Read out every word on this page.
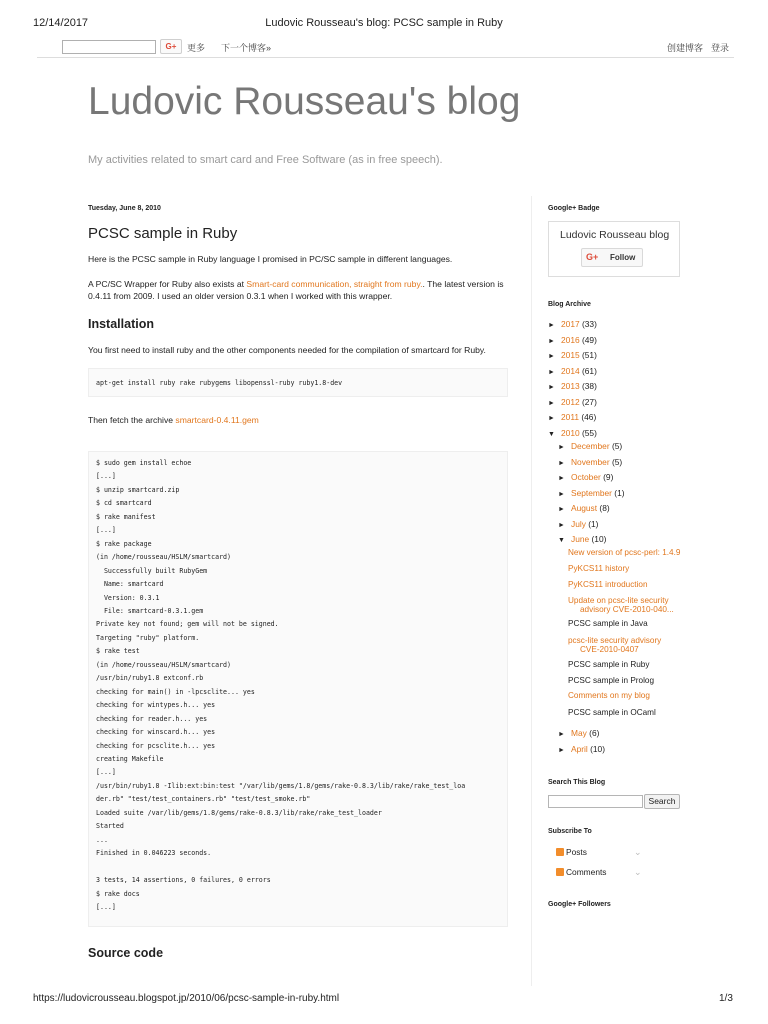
12/14/2017	Ludovic Rousseau's blog: PCSC sample in Ruby
https://ludovicrousseau.blogspot.jp/2010/06/pcsc-sample-in-ruby.html	1/3
G+	更多 下一个博客»	创建博客 登录
Ludovic Rousseau's blog
My activities related to smart card and Free Software (as in free speech).
Tuesday, June 8, 2010
PCSC sample in Ruby
Here is the PCSC sample in Ruby language I promised in PC/SC sample in different languages.
A PC/SC Wrapper for Ruby also exists at Smart-card communication, straight from ruby.. The latest version is 0.4.11 from 2009. I used an older version 0.3.1 when I worked with this wrapper.
Installation
You first need to install ruby and the other components needed for the compilation of smartcard for Ruby.
apt-get install ruby rake rubygems libopenssl-ruby ruby1.8-dev
Then fetch the archive smartcard-0.4.11.gem
$ sudo gem install echoe
[...]
$ unzip smartcard.zip
$ cd smartcard
$ rake manifest
[...]
$ rake package
(in /home/rousseau/HSLM/smartcard)
Successfully built RubyGem
Name: smartcard
Version: 0.3.1
File: smartcard-0.3.1.gem
Private key not found; gem will not be signed.
Targeting "ruby" platform.
$ rake test
(in /home/rousseau/HSLM/smartcard)
/usr/bin/ruby1.8 extconf.rb
checking for main() in -lpcsclite... yes
checking for wintypes.h... yes
checking for reader.h... yes
checking for winscard.h... yes
checking for pcsclite.h... yes
creating Makefile
[...]
/usr/bin/ruby1.8 -Ilib:ext:bin:test "/var/lib/gems/1.8/gems/rake-0.8.3/lib/rake/rake_test_loa
der.rb" "test/test_containers.rb" "test/test_smoke.rb"
Loaded suite /var/lib/gems/1.8/gems/rake-0.8.3/lib/rake/rake_test_loader
Started
...
Finished in 0.046223 seconds.

3 tests, 14 assertions, 0 failures, 0 errors
$ rake docs
[...]
Source code
Google+ Badge
Ludovic Rousseau blog
G+ Follow
Blog Archive
► 2017 (33)
► 2016 (49)
► 2015 (51)
► 2014 (61)
► 2013 (38)
► 2012 (27)
► 2011 (46)
▼ 2010 (55)
► December (5)
► November (5)
► October (9)
► September (1)
► August (8)
► July (1)
▼ June (10)
New version of pcsc-perl: 1.4.9
PyKCS11 history
PyKCS11 introduction
Update on pcsc-lite security
advisory CVE-2010-040...
PCSC sample in Java
pcsc-lite security advisory
CVE-2010-0407
PCSC sample in Ruby
PCSC sample in Prolog
Comments on my blog
PCSC sample in OCaml
► May (6)
► April (10)
Search This Blog
Search
Subscribe To
Posts	⌄
Comments	⌄
Google+ Followers
